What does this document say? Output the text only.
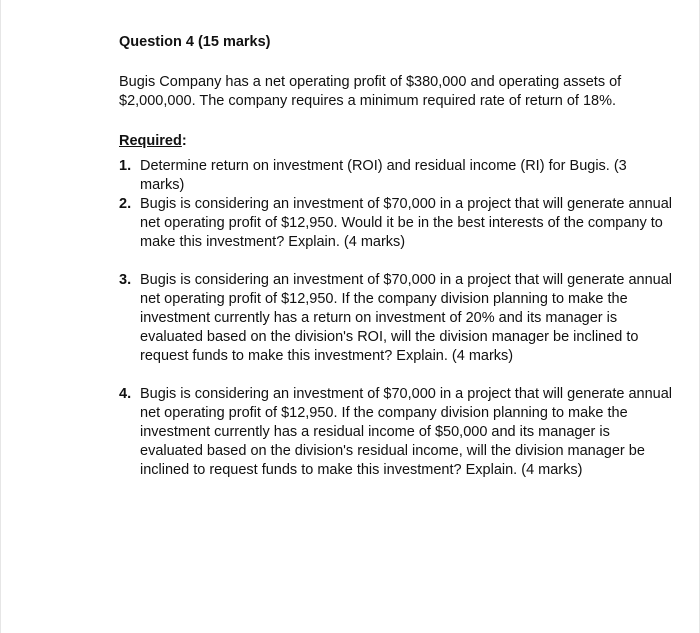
Question 4 (15 marks)

Bugis Company has a net operating profit of $380,000 and operating assets of $2,000,000. The company requires a minimum required rate of return of 18%.

Required:

1. Determine return on investment (ROI) and residual income (RI) for Bugis. (3 marks)
2. Bugis is considering an investment of $70,000 in a project that will generate annual net operating profit of $12,950. Would it be in the best interests of the company to make this investment? Explain. (4 marks)
3. Bugis is considering an investment of $70,000 in a project that will generate annual net operating profit of $12,950. If the company division planning to make the investment currently has a return on investment of 20% and its manager is evaluated based on the division's ROI, will the division manager be inclined to request funds to make this investment? Explain. (4 marks)
4. Bugis is considering an investment of $70,000 in a project that will generate annual net operating profit of $12,950. If the company division planning to make the investment currently has a residual income of $50,000 and its manager is evaluated based on the division's residual income, will the division manager be inclined to request funds to make this investment? Explain. (4 marks)
